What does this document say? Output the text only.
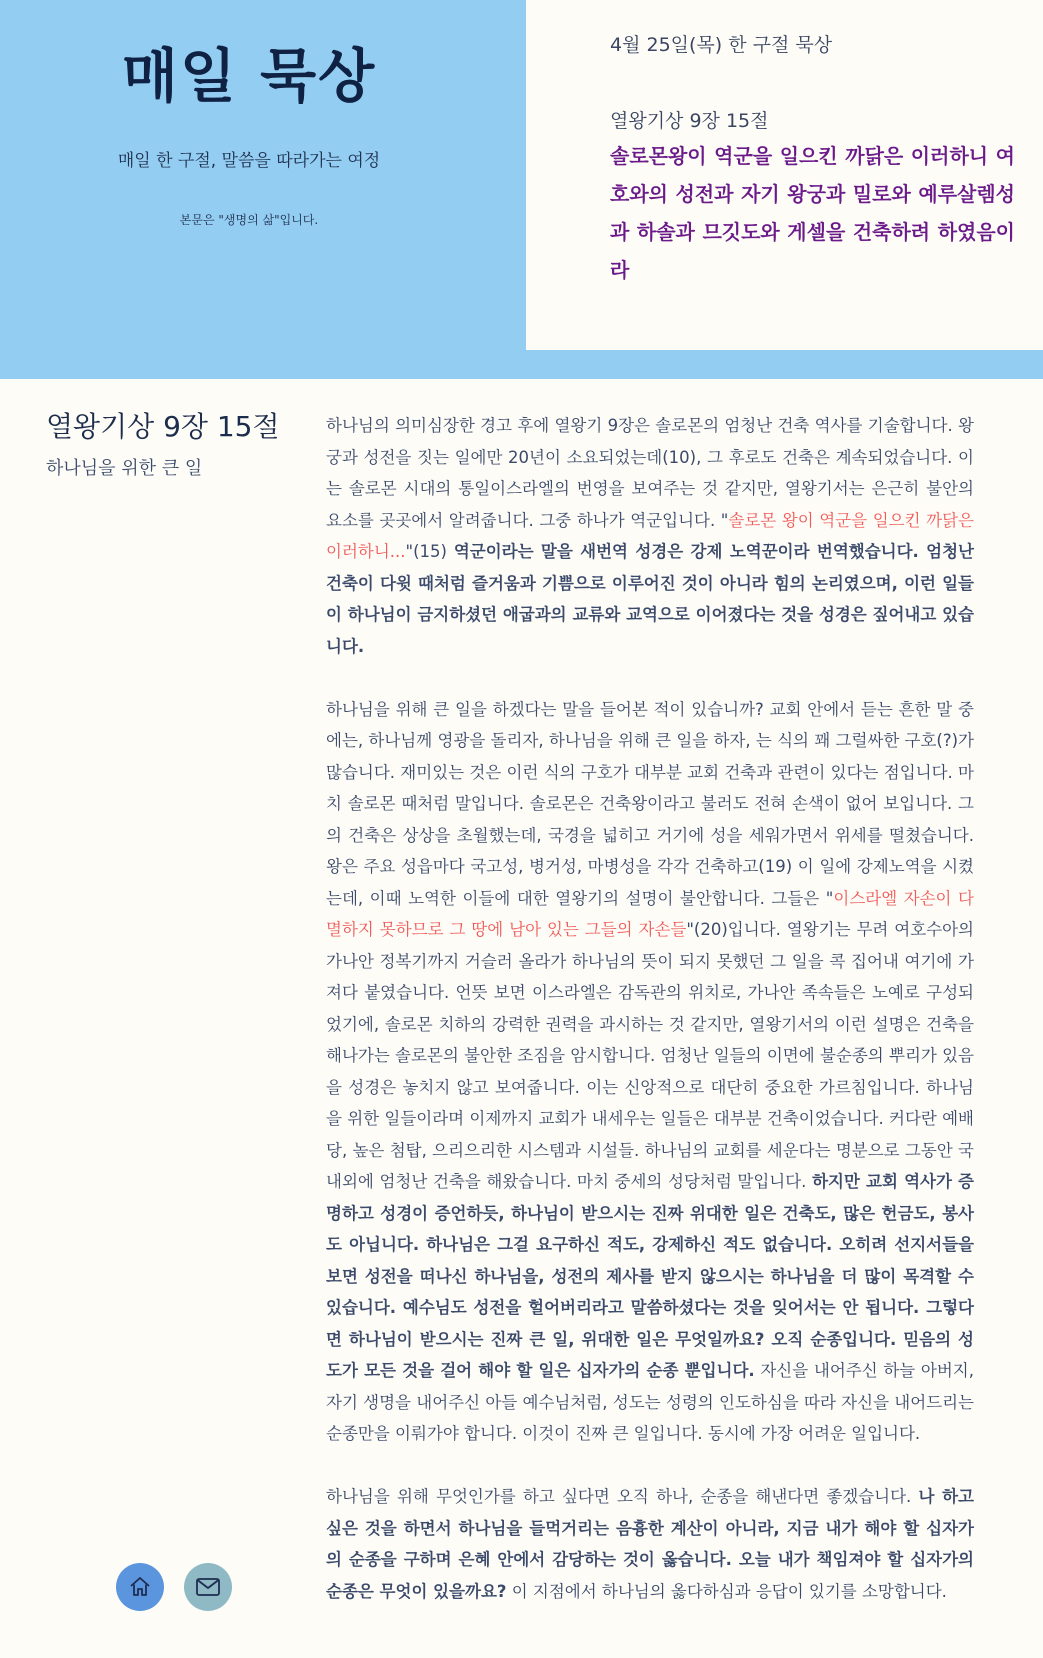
매일 묵상
매일 한 구절, 말씀을 따라가는 여정
본문은 "생명의 삶"입니다.
4월 25일(목) 한 구절 묵상
열왕기상 9장 15절
솔로몬왕이 역군을 일으킨 까닭은 이러하니 여호와의 성전과 자기 왕궁과 밀로와 예루살렘성과 하솔과 므깃도와 게셀을 건축하려 하였음이라
열왕기상 9장 15절
하나님을 위한 큰 일

하나님의 의미심장한 경고 후에 열왕기 9장은 솔로몬의 엄청난 건축 역사를 기술합니다. 왕궁과 성전을 짓는 일에만 20년이 소요되었는데(10), 그 후로도 건축은 계속되었습니다. 이는 솔로몬 시대의 통일이스라엘의 번영을 보여주는 것 같지만, 열왕기서는 은근히 불안의 요소를 곳곳에서 알려줍니다. 그중 하나가 역군입니다. "솔로몬 왕이 역군을 일으킨 까닭은 이러하니..."(15) 역군이라는 말을 새번역 성경은 강제 노역꾼이라 번역했습니다. 엄청난 건축이 다윗 때처럼 즐거움과 기쁨으로 이루어진 것이 아니라 힘의 논리였으며, 이런 일들이 하나님이 금지하셨던 애굽과의 교류와 교역으로 이어졌다는 것을 성경은 짚어내고 있습니다.

하나님을 위해 큰 일을 하겠다는 말을 들어본 적이 있습니까? 교회 안에서 듣는 흔한 말 중에는, 하나님께 영광을 돌리자, 하나님을 위해 큰 일을 하자, 는 식의 꽤 그럴싸한 구호(?)가 많습니다. 재미있는 것은 이런 식의 구호가 대부분 교회 건축과 관련이 있다는 점입니다. 마치 솔로몬 때처럼 말입니다. 솔로몬은 건축왕이라고 불러도 전혀 손색이 없어 보입니다. 그의 건축은 상상을 초월했는데, 국경을 넓히고 거기에 성을 세워가면서 위세를 떨쳤습니다. 왕은 주요 성읍마다 국고성, 병거성, 마병성을 각각 건축하고(19) 이 일에 강제노역을 시켰는데, 이때 노역한 이들에 대한 열왕기의 설명이 불안합니다. 그들은 "이스라엘 자손이 다 멸하지 못하므로 그 땅에 남아 있는 그들의 자손들"(20)입니다. 열왕기는 무려 여호수아의 가나안 정복기까지 거슬러 올라가 하나님의 뜻이 되지 못했던 그 일을 콕 집어내 여기에 가져다 붙였습니다. 언뜻 보면 이스라엘은 감독관의 위치로, 가나안 족속들은 노예로 구성되었기에, 솔로몬 치하의 강력한 권력을 과시하는 것 같지만, 열왕기서의 이런 설명은 건축을 해나가는 솔로몬의 불안한 조짐을 암시합니다. 엄청난 일들의 이면에 불순종의 뿌리가 있음을 성경은 놓치지 않고 보여줍니다. 이는 신앙적으로 대단히 중요한 가르침입니다. 하나님을 위한 일들이라며 이제까지 교회가 내세우는 일들은 대부분 건축이었습니다. 커다란 예배당, 높은 첨탑, 으리으리한 시스템과 시설들. 하나님의 교회를 세운다는 명분으로 그동안 국내외에 엄청난 건축을 해왔습니다. 마치 중세의 성당처럼 말입니다. 하지만 교회 역사가 증명하고 성경이 증언하듯, 하나님이 받으시는 진짜 위대한 일은 건축도, 많은 헌금도, 봉사도 아닙니다. 하나님은 그걸 요구하신 적도, 강제하신 적도 없습니다. 오히려 선지서들을 보면 성전을 떠나신 하나님을, 성전의 제사를 받지 않으시는 하나님을 더 많이 목격할 수 있습니다. 예수님도 성전을 헐어버리라고 말씀하셨다는 것을 잊어서는 안 됩니다. 그렇다면 하나님이 받으시는 진짜 큰 일, 위대한 일은 무엇일까요? 오직 순종입니다. 믿음의 성도가 모든 것을 걸어 해야 할 일은 십자가의 순종 뿐입니다. 자신을 내어주신 하늘 아버지, 자기 생명을 내어주신 아들 예수님처럼, 성도는 성령의 인도하심을 따라 자신을 내어드리는 순종만을 이뤄가야 합니다. 이것이 진짜 큰 일입니다. 동시에 가장 어려운 일입니다.

하나님을 위해 무엇인가를 하고 싶다면 오직 하나, 순종을 해낸다면 좋겠습니다. 나 하고 싶은 것을 하면서 하나님을 들먹거리는 음흉한 계산이 아니라, 지금 내가 해야 할 십자가의 순종을 구하며 은혜 안에서 감당하는 것이 옳습니다. 오늘 내가 책임져야 할 십자가의 순종은 무엇이 있을까요? 이 지점에서 하나님의 옳다하심과 응답이 있기를 소망합니다.
